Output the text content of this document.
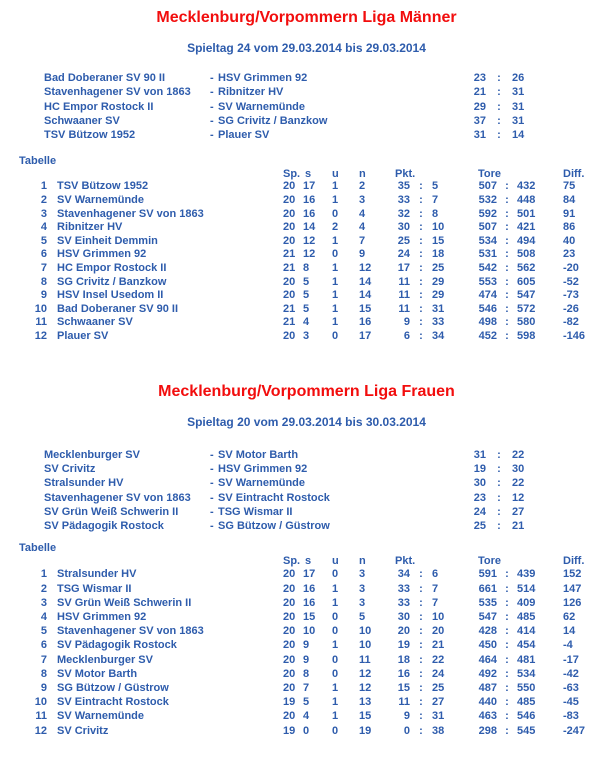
Mecklenburg/Vorpommern Liga Männer
Spieltag 24 vom 29.03.2014 bis 29.03.2014
Bad Doberaner SV 90 II	- HSV Grimmen 92	23	:	26
Stavenhagener SV von 1863	- Ribnitzer HV	21	:	31
HC Empor Rostock II	- SV Warnemünde	29	:	31
Schwaaner SV	- SG Crivitz / Banzkow	37	:	31
TSV Bützow 1952	- Plauer SV	31	:	14
Tabelle
Sp. s	u	n	Pkt.	Tore	Diff.
1 TSV Bützow 1952	20 17	1	2	35 : 5	507 : 432	75
2 SV Warnemünde	20 16	1	3	33 : 7	532 : 448	84
3 Stavenhagener SV von 1863	20 16	0	4	32 : 8	592 : 501	91
4 Ribnitzer HV	20 14	2	4	30 : 10	507 : 421	86
5 SV Einheit Demmin	20 12	1	7	25 : 15	534 : 494	40
6 HSV Grimmen 92	21 12	0	9	24 : 18	531 : 508	23
7 HC Empor Rostock II	21 8	1	12	17 : 25	542 : 562	-20
8 SG Crivitz / Banzkow	20 5	1	14	11 : 29	553 : 605	-52
9 HSV Insel Usedom II	20 5	1	14	11 : 29	474 : 547	-73
10 Bad Doberaner SV 90 II	21 5	1	15	11 : 31	546 : 572	-26
11 Schwaaner SV	21 4	1	16	9 : 33	498 : 580	-82
12 Plauer SV	20 3	0	17	6 : 34	452 : 598	-146
Mecklenburg/Vorpommern Liga Frauen
Spieltag 20 vom 29.03.2014 bis 30.03.2014
Mecklenburger SV	- SV Motor Barth	31	:	22
SV Crivitz	- HSV Grimmen 92	19	:	30
Stralsunder HV	- SV Warnemünde	30	:	22
Stavenhagener SV von 1863	- SV Eintracht Rostock	23	:	12
SV Grün Weiß Schwerin II	- TSG Wismar II	24	:	27
SV Pädagogik Rostock	- SG Bützow / Güstrow	25	:	21
Tabelle
Sp. s	u	n	Pkt.	Tore	Diff.
1 Stralsunder HV	20 17	0	3	34 : 6	591 : 439	152
2 TSG Wismar II	20 16	1	3	33 : 7	661 : 514	147
3 SV Grün Weiß Schwerin II	20 16	1	3	33 : 7	535 : 409	126
4 HSV Grimmen 92	20 15	0	5	30 : 10	547 : 485	62
5 Stavenhagener SV von 1863	20 10	0	10	20 : 20	428 : 414	14
6 SV Pädagogik Rostock	20 9	1	10	19 : 21	450 : 454	-4
7 Mecklenburger SV	20 9	0	11	18 : 22	464 : 481	-17
8 SV Motor Barth	20 8	0	12	16 : 24	492 : 534	-42
9 SG Bützow / Güstrow	20 7	1	12	15 : 25	487 : 550	-63
10 SV Eintracht Rostock	19 5	1	13	11 : 27	440 : 485	-45
11 SV Warnemünde	20 4	1	15	9 : 31	463 : 546	-83
12 SV Crivitz	19 0	0	19	0 : 38	298 : 545	-247
